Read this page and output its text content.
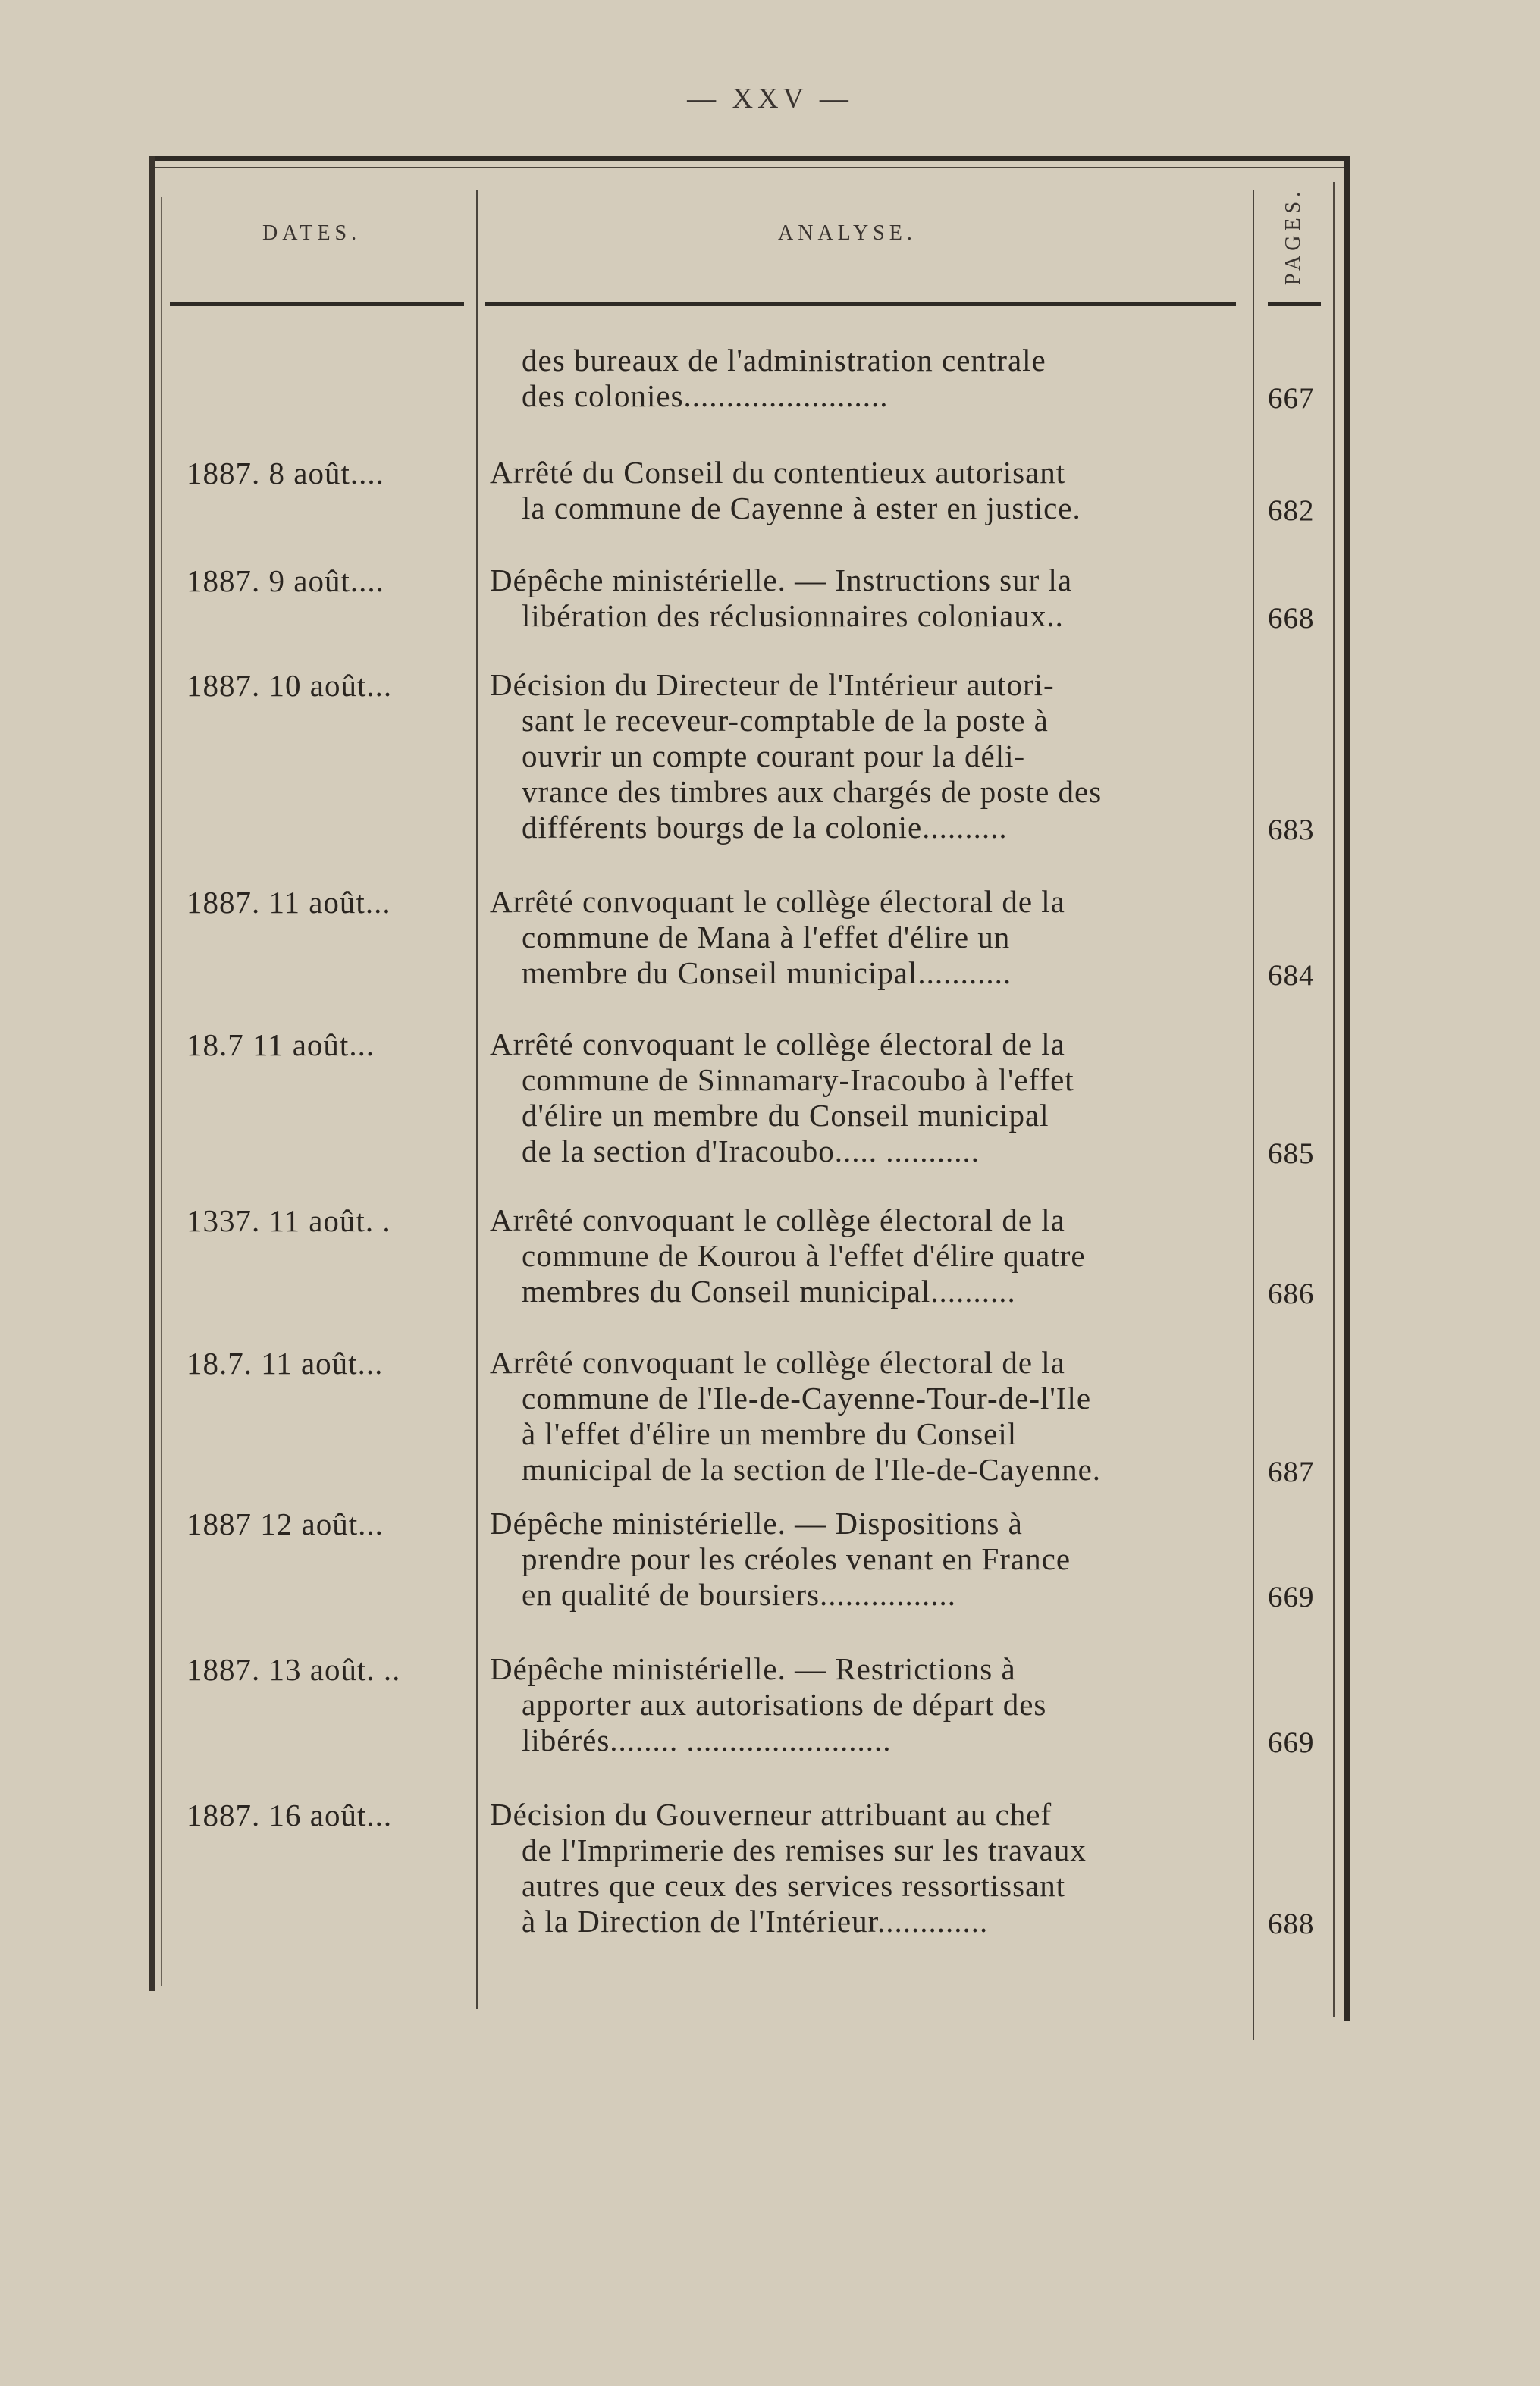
— XXV —
DATES.	ANALYSE.	PAGES.
des bureaux de l'administration centrale
des colonies........................	667
1887. 8 août....	Arrêté du Conseil du contentieux autorisant
la commune de Cayenne à ester en justice.	682
1887. 9 août....	Dépêche ministérielle. — Instructions sur la
libération des réclusionnaires coloniaux..	668
1887. 10 août...	Décision du Directeur de l'Intérieur autori-
sant le receveur-comptable de la poste à
ouvrir un compte courant pour la déli-
vrance des timbres aux chargés de poste des
différents bourgs de la colonie..........	683
1887. 11 août...	Arrêté convoquant le collège électoral de la
commune de Mana à l'effet d'élire un
membre du Conseil municipal...........	684
18.7 11 août...	Arrêté convoquant le collège électoral de la
commune de Sinnamary-Iracoubo à l'effet
d'élire un membre du Conseil municipal
de la section d'Iracoubo..... ...........	685
1337. 11 août. .	Arrêté convoquant le collège électoral de la
commune de Kourou à l'effet d'élire quatre
membres du Conseil municipal..........	686
18.7. 11 août...	Arrêté convoquant le collège électoral de la
commune de l'Ile-de-Cayenne-Tour-de-l'Ile
à l'effet d'élire un membre du Conseil
municipal de la section de l'Ile-de-Cayenne.	687
1887 12 août...	Dépêche ministérielle. — Dispositions à
prendre pour les créoles venant en France
en qualité de boursiers................	669
1887. 13 août. ..	Dépêche ministérielle. — Restrictions à
apporter aux autorisations de départ des
libérés........ ........................	669
1887. 16 août...	Décision du Gouverneur attribuant au chef
de l'Imprimerie des remises sur les travaux
autres que ceux des services ressortissant
à la Direction de l'Intérieur.............	688
